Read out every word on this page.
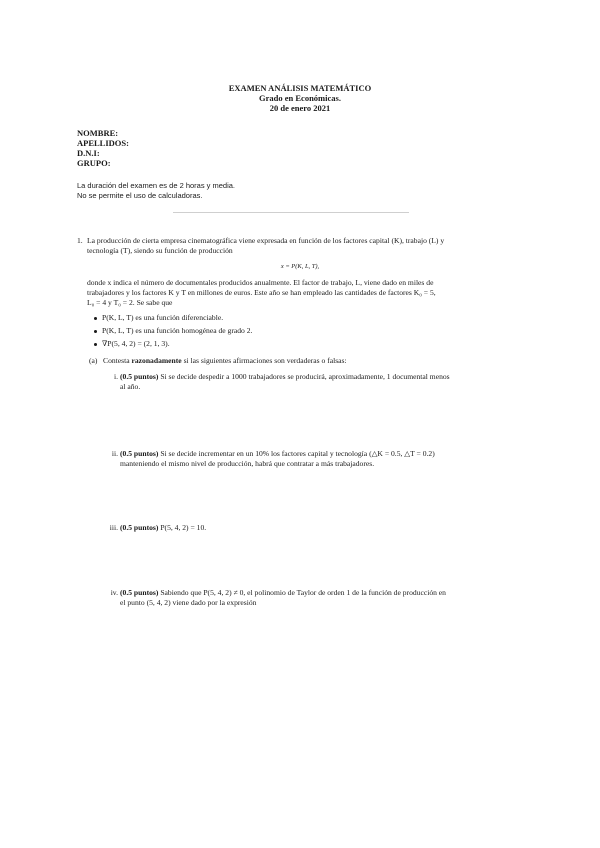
EXAMEN ANÁLISIS MATEMÁTICO
Grado en Económicas.
20 de enero 2021
NOMBRE:
APELLIDOS:
D.N.I:
GRUPO:
La duración del examen es de 2 horas y media.
No se permite el uso de calculadoras.
1. La producción de cierta empresa cinematográfica viene expresada en función de los factores capital (K), trabajo (L) y
tecnología (T), siendo su función de producción
x = P(K, L, T),
donde x indica el número de documentales producidos anualmente. El factor de trabajo, L, viene dado en miles de
trabajadores y los factores K y T en millones de euros. Este año se han empleado las cantidades de factores K₀ = 5,
L₀ = 4 y T₀ = 2. Se sabe que
P(K, L, T) es una función diferenciable.
P(K, L, T) es una función homogénea de grado 2.
∇P(5, 4, 2) = (2, 1, 3).
(a) Contesta razonadamente si las siguientes afirmaciones son verdaderas o falsas:
i. (0.5 puntos) Si se decide despedir a 1000 trabajadores se producirá, aproximadamente, 1 documental menos
al año.
ii. (0.5 puntos) Si se decide incrementar en un 10% los factores capital y tecnología (△K = 0.5, △T = 0.2)
manteniendo el mismo nivel de producción, habrá que contratar a más trabajadores.
iii. (0.5 puntos) P(5, 4, 2) = 10.
iv. (0.5 puntos) Sabiendo que P(5, 4, 2) ≠ 0, el polinomio de Taylor de orden 1 de la función de producción en
el punto (5, 4, 2) viene dado por la expresión
